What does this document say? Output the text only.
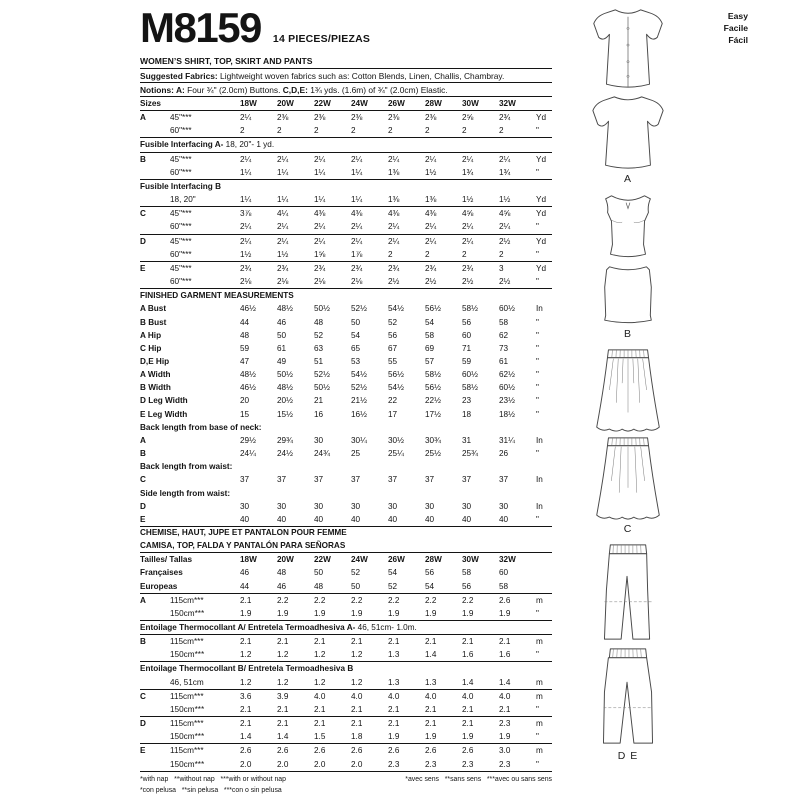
M8159 14 PIECES/PIEZAS
WOMEN’S SHIRT, TOP, SKIRT AND PANTS
Suggested Fabrics: Lightweight woven fabrics such as: Cotton Blends, Linen, Challis, Chambray.
Notions: A: Four ¾" (2.0cm) Buttons. C,D,E: 1¾ yds. (1.6m) of ¾" (2.0cm) Elastic.
Sizes	18W	20W	22W	24W	26W	28W	30W	32W
A	45"***	2¼	2⅜	2⅜	2⅜	2⅜	2⅜	2⅝	2¾	Yd
60"***	2	2	2	2	2	2	2	2	"
Fusible Interfacing A- 18, 20"- 1 yd.
B	45"***	2¼	2¼	2¼	2¼	2¼	2¼	2¼	2¼	Yd
60"***	1¼	1¼	1¼	1¼	1⅜	1½	1¾	1¾	"
Fusible Interfacing B
18, 20"	1¼	1¼	1¼	1¼	1⅜	1⅜	1½	1½	Yd
C	45"***	3⅞	4¼	4⅜	4⅜	4⅜	4⅜	4⅝	4⅝	Yd
60"***	2¼	2¼	2¼	2¼	2¼	2¼	2¼	2¼	"
D	45"***	2¼	2¼	2¼	2¼	2¼	2¼	2¼	2½	Yd
60"***	1½	1½	1⅝	1⅞	2	2	2	2	"
E	45"***	2¾	2¾	2¾	2¾	2¾	2¾	2¾	3	Yd
60"***	2⅛	2⅛	2⅛	2⅛	2½	2½	2½	2½	"
FINISHED GARMENT MEASUREMENTS
A Bust	46½	48½	50½	52½	54½	56½	58½	60½	In
B Bust	44	46	48	50	52	54	56	58	"
A Hip	48	50	52	54	56	58	60	62	"
C Hip	59	61	63	65	67	69	71	73	"
D,E Hip	47	49	51	53	55	57	59	61	"
A Width	48½	50½	52½	54½	56½	58½	60½	62½	"
B Width	46½	48½	50½	52½	54½	56½	58½	60½	"
D Leg Width	20	20½	21	21½	22	22½	23	23½	"
E Leg Width	15	15½	16	16½	17	17½	18	18½	"
Back length from base of neck:
A	29½	29¾	30	30¼	30½	30¾	31	31¼	In
B	24¼	24½	24¾	25	25¼	25½	25¾	26	"
Back length from waist:
C	37	37	37	37	37	37	37	37	In
Side length from waist:
D	30	30	30	30	30	30	30	30	In
E	40	40	40	40	40	40	40	40	"
CHEMISE, HAUT, JUPE ET PANTALON POUR FEMME
CAMISA, TOP, FALDA Y PANTALÓN PARA SEÑORAS
Tailles/ Tallas	18W	20W	22W	24W	26W	28W	30W	32W
Françaises	46	48	50	52	54	56	58	60
Europeas	44	46	48	50	52	54	56	58
A	115cm***	2.1	2.2	2.2	2.2	2.2	2.2	2.2	2.6	m
150cm***	1.9	1.9	1.9	1.9	1.9	1.9	1.9	1.9	"
Entoilage Thermocollant A/ Entretela Termoadhesiva A- 46, 51cm- 1.0m.
B	115cm***	2.1	2.1	2.1	2.1	2.1	2.1	2.1	2.1	m
150cm***	1.2	1.2	1.2	1.2	1.3	1.4	1.6	1.6	"
Entoilage Thermocollant B/ Entretela Termoadhesiva B
46, 51cm	1.2	1.2	1.2	1.2	1.3	1.3	1.4	1.4	m
C	115cm***	3.6	3.9	4.0	4.0	4.0	4.0	4.0	4.0	m
150cm***	2.1	2.1	2.1	2.1	2.1	2.1	2.1	2.1	"
D	115cm***	2.1	2.1	2.1	2.1	2.1	2.1	2.1	2.3	m
150cm***	1.4	1.4	1.5	1.8	1.9	1.9	1.9	1.9	"
E	115cm***	2.6	2.6	2.6	2.6	2.6	2.6	2.6	3.0	m
150cm***	2.0	2.0	2.0	2.0	2.3	2.3	2.3	2.3	"
*with nap   **without nap   ***with or without nap	*avec sens   **sans sens   ***avec ou sans sens
*con pelusa   **sin pelusa   ***con o sin pelusa
Easy
Facile
Fácil
A
B
C
D E
